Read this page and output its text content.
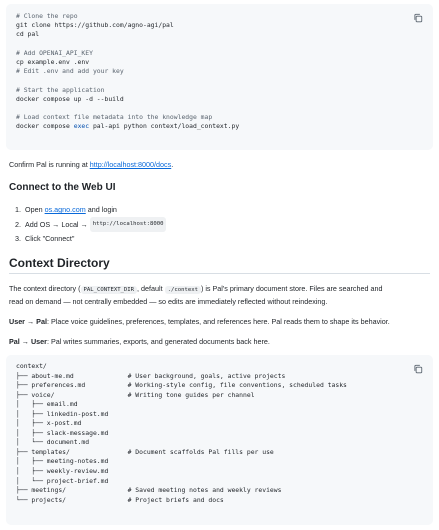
# Clone the repo
git clone https://github.com/agno-agi/pal
cd pal
# Add OPENAI_API_KEY
cp example.env .env
# Edit .env and add your key
# Start the application
docker compose up -d --build
# Load context file metadata into the knowledge map
docker compose exec pal-api python context/load_context.py
Confirm Pal is running at http://localhost:8000/docs.
Connect to the Web UI
1. Open
os.agno.com
and login
2. Add OS → Local →
http://localhost:8000
3. Click "Connect"
Context Directory
The context directory ( PAL_CONTEXT_DIR , default ./context ) is Pal's primary document store. Files are searched and
read on demand — not centrally embedded — so edits are immediately reflected without reindexing.
User → Pal: Place voice guidelines, preferences, templates, and references here. Pal reads them to shape its behavior.
Pal → User: Pal writes summaries, exports, and generated documents back here.
context/
├── about-me.md              # User background, goals, active projects
├── preferences.md           # Working-style config, file conventions, scheduled tasks
├── voice/                   # Writing tone guides per channel
│   ├── email.md
│   ├── linkedin-post.md
│   ├── x-post.md
│   ├── slack-message.md
│   └── document.md
├── templates/               # Document scaffolds Pal fills per use
│   ├── meeting-notes.md
│   ├── weekly-review.md
│   └── project-brief.md
├── meetings/                # Saved meeting notes and weekly reviews
└── projects/                # Project briefs and docs
